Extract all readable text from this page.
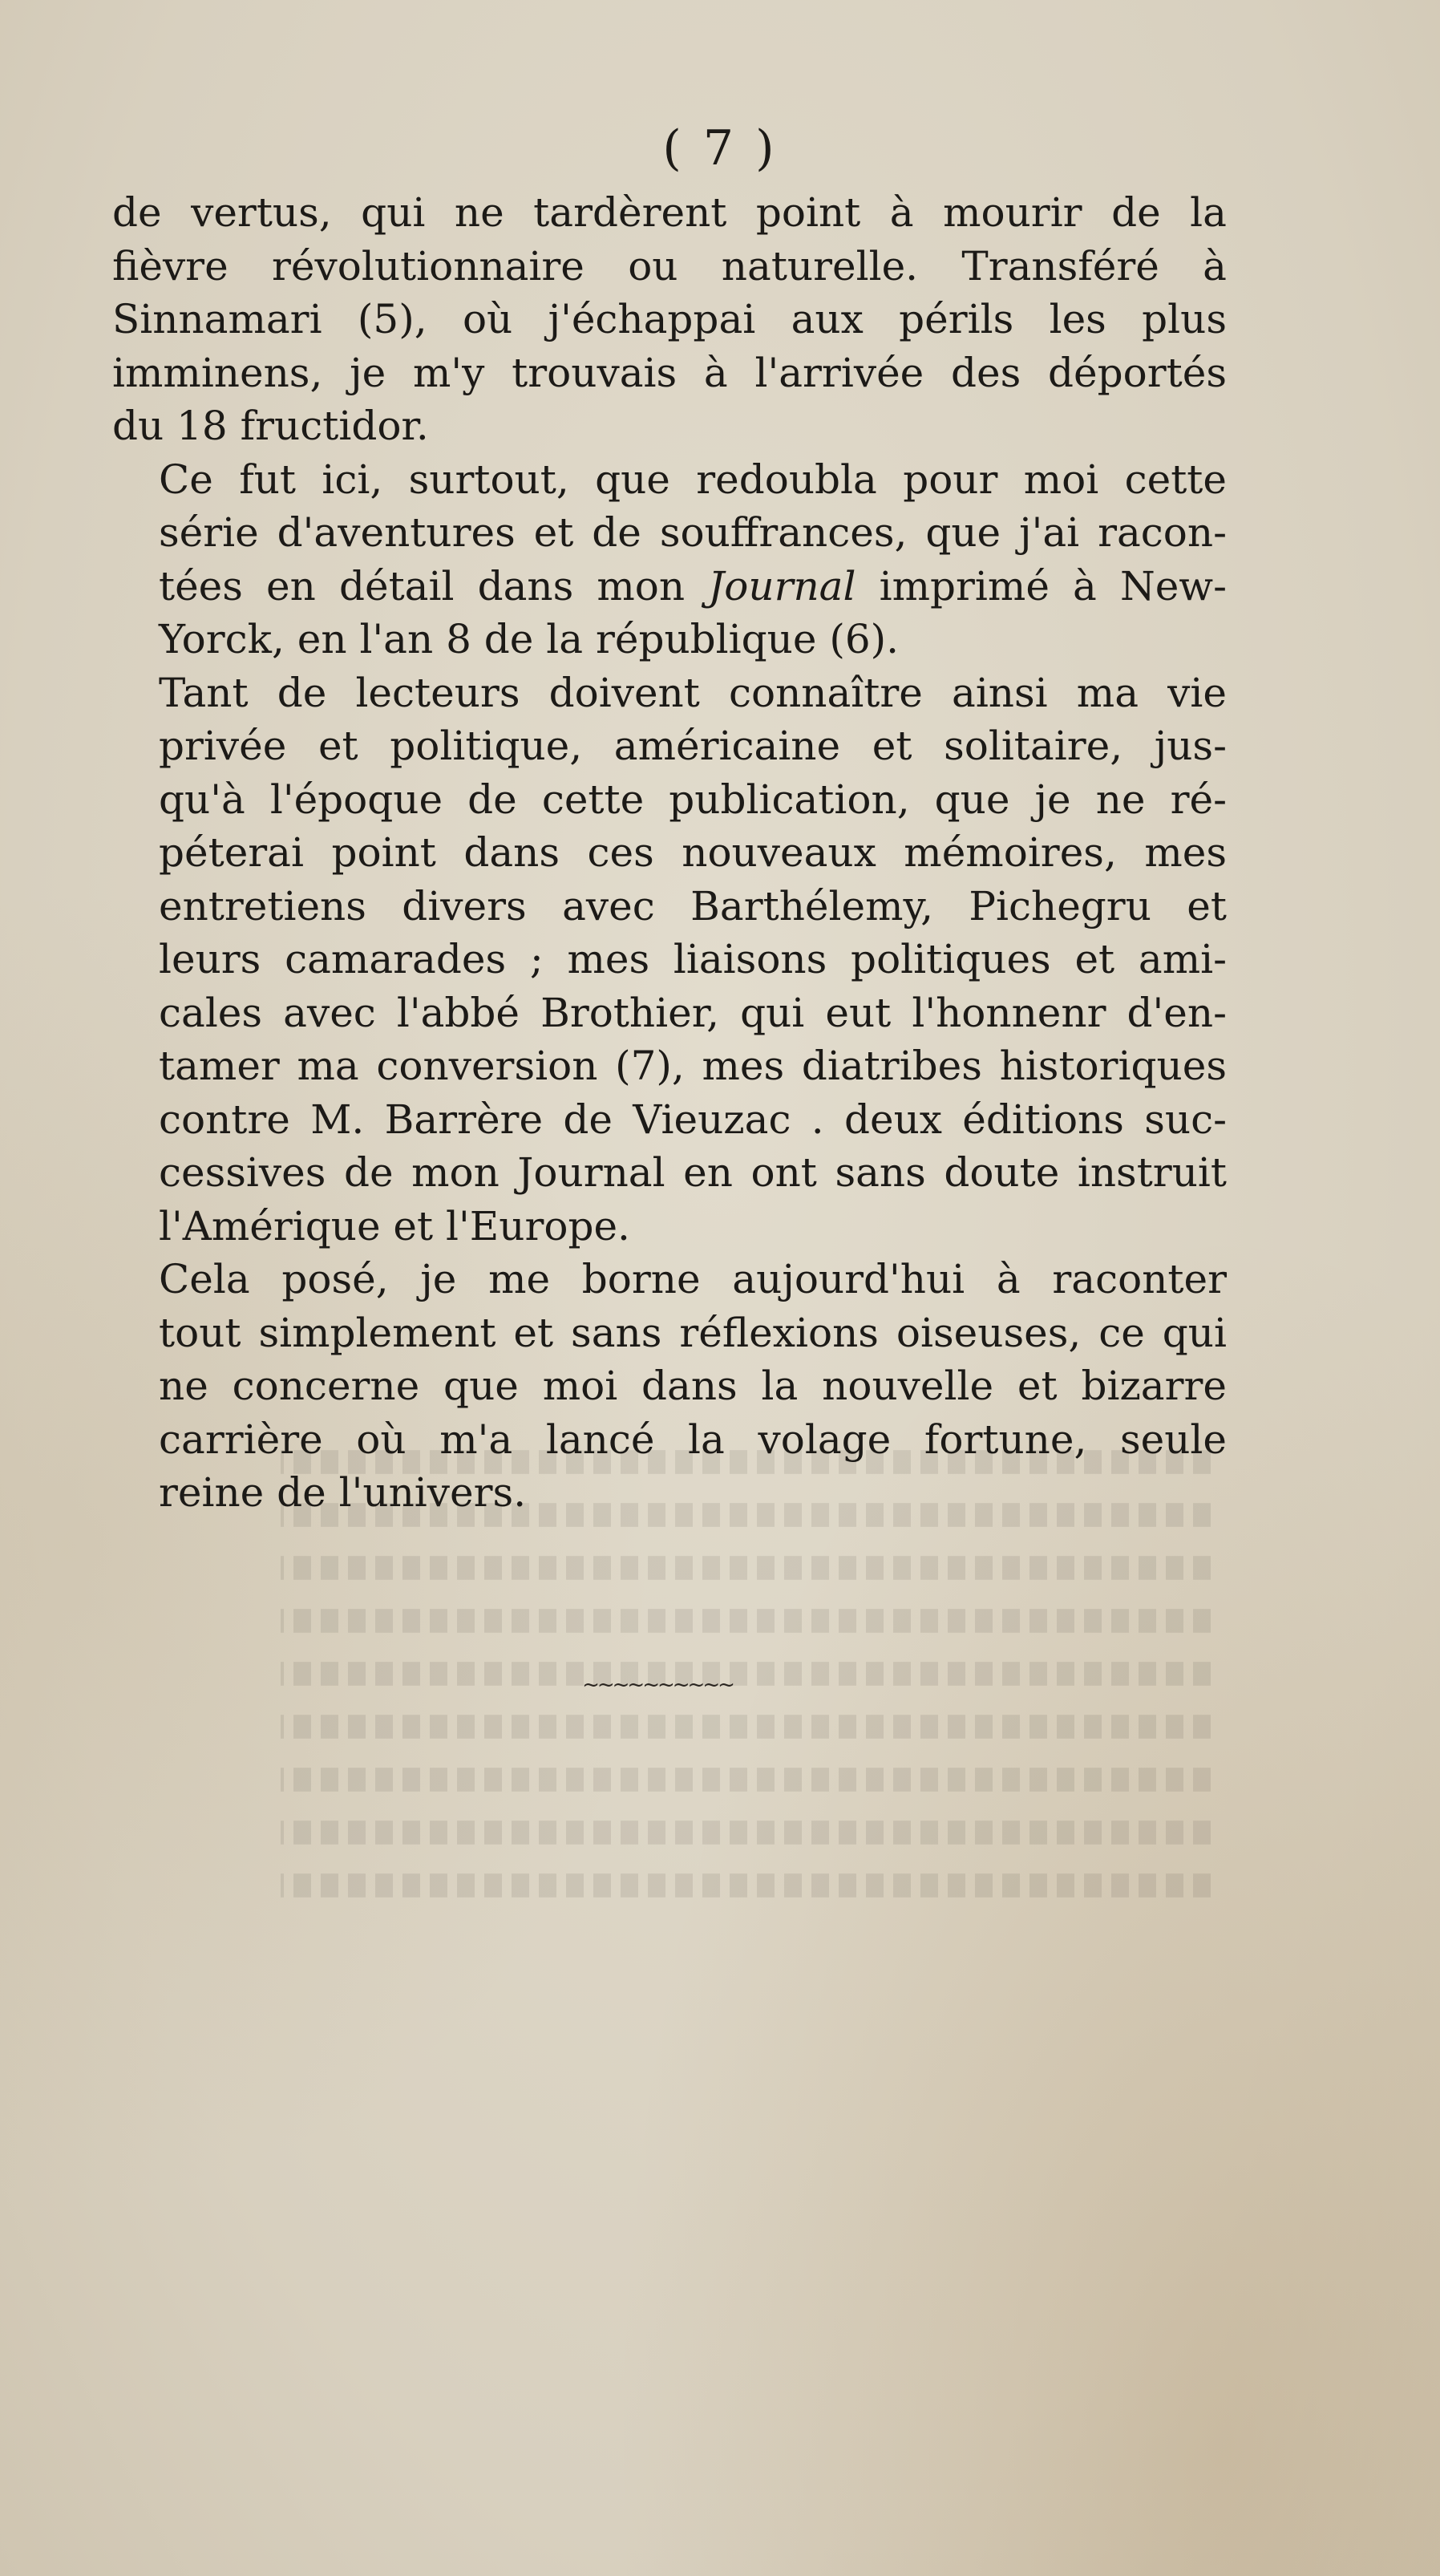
( 7 )

de vertus, qui ne tardèrent point à mourir de la
fièvre révolutionnaire ou naturelle. Transféré à
Sinnamari (5), où j'échappai aux périls les plus
imminens, je m'y trouvais à l'arrivée des déportés
du 18 fructidor.

Ce fut ici, surtout, que redoubla pour moi cette
série d'aventures et de souffrances, que j'ai racon-
tées en détail dans mon Journal imprimé à New-
Yorck, en l'an 8 de la république (6).

Tant de lecteurs doivent connaître ainsi ma vie
privée et politique, américaine et solitaire, jus-
qu'à l'époque de cette publication, que je ne ré-
péterai point dans ces nouveaux mémoires, mes
entretiens divers avec Barthélemy, Pichegru et
leurs camarades ; mes liaisons politiques et ami-
cales avec l'abbé Brothier, qui eut l'honnenr d'en-
tamer ma conversion (7), mes diatribes historiques
contre M. Barrère de Vieuzac . deux éditions suc-
cessives de mon Journal en ont sans doute instruit
l'Amérique et l'Europe.

Cela posé, je me borne aujourd'hui à raconter
tout simplement et sans réflexions oiseuses, ce qui
ne concerne que moi dans la nouvelle et bizarre
carrière où m'a lancé la volage fortune, seule
reine de l'univers.

~~~~~~~~~~
